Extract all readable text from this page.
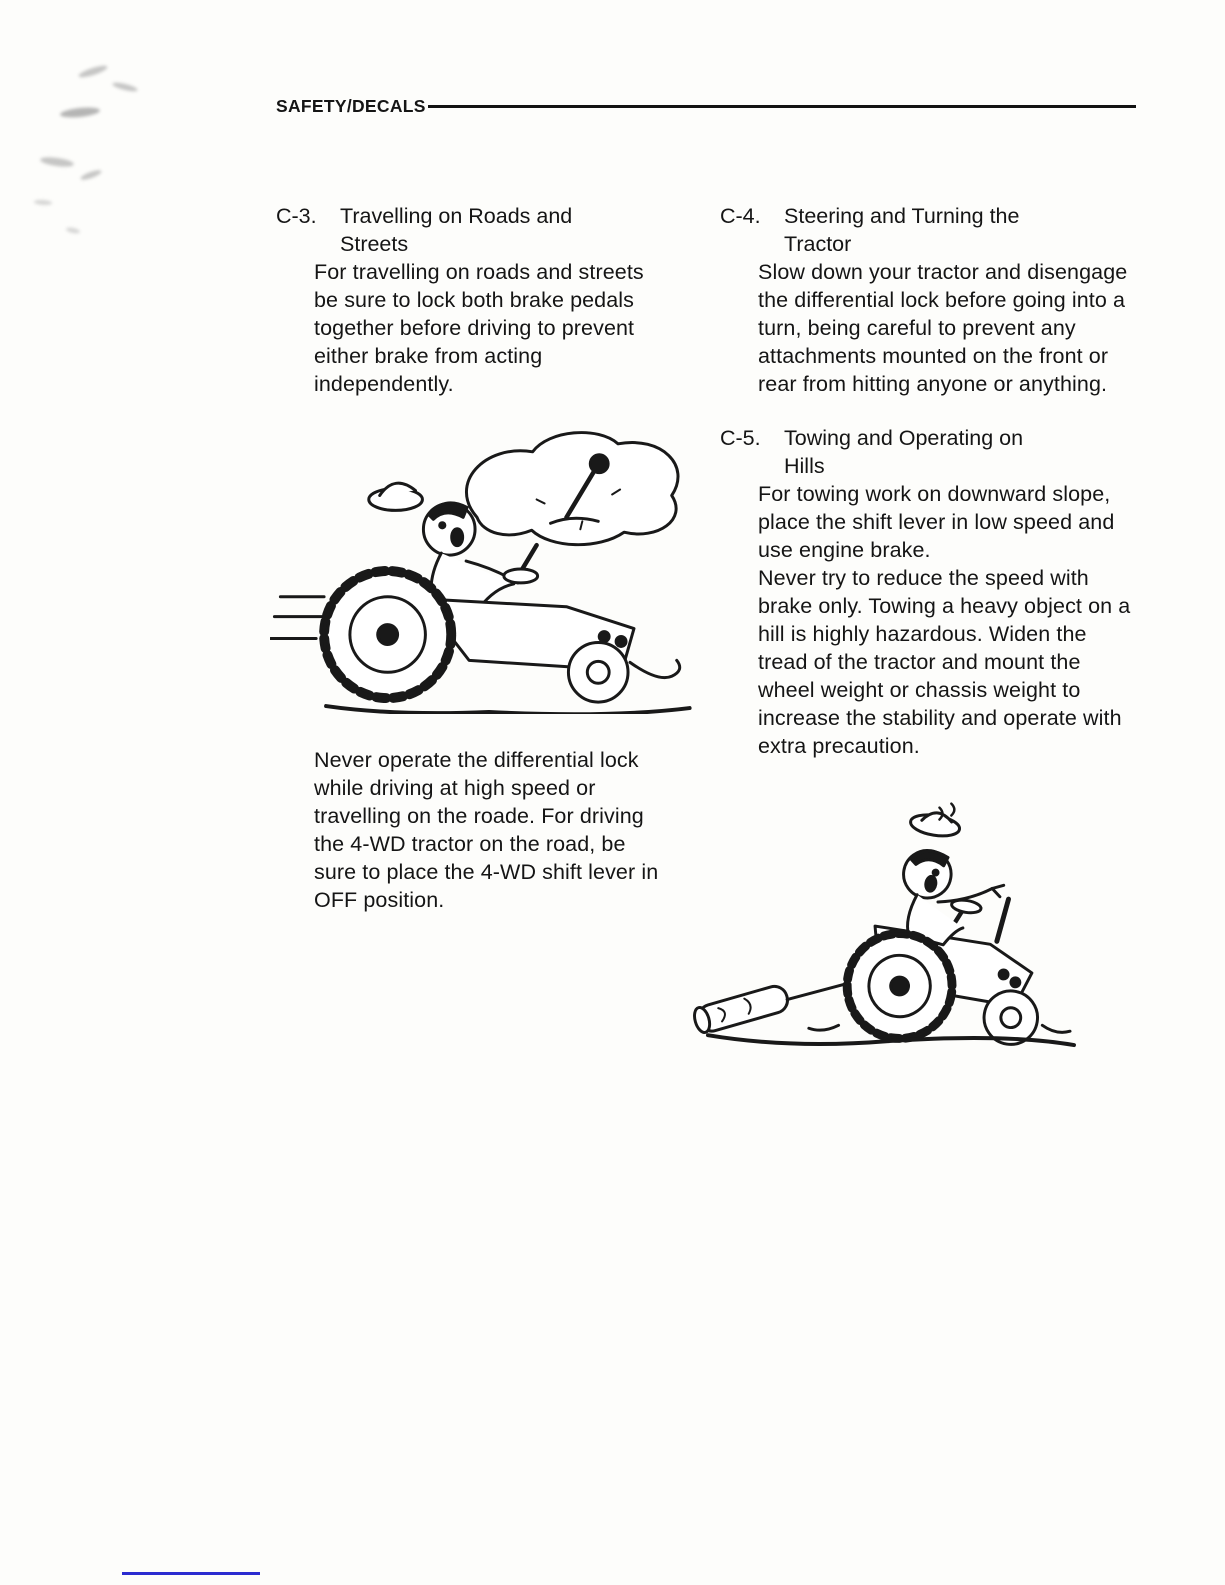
SAFETY/DECALS
C-3.	Travelling on Roads and Streets

For travelling on roads and streets be sure to lock both brake pedals together before driving to prevent either brake from acting independently.

Never operate the differential lock while driving at high speed or travelling on the roade. For driving the 4-WD tractor on the road, be sure to place the 4-WD shift lever in OFF position.

C-4.	Steering and Turning the Tractor

Slow down your tractor and disengage the differential lock before going into a turn, being careful to prevent any attachments mounted on the front or rear from hitting anyone or anything.

C-5.	Towing and Operating on Hills

For towing work on downward slope, place the shift lever in low speed and use engine brake.

Never try to reduce the speed with brake only. Towing a heavy object on a hill is highly hazardous. Widen the tread of the tractor and mount the wheel weight or chassis weight to increase the stability and operate with extra precaution.
